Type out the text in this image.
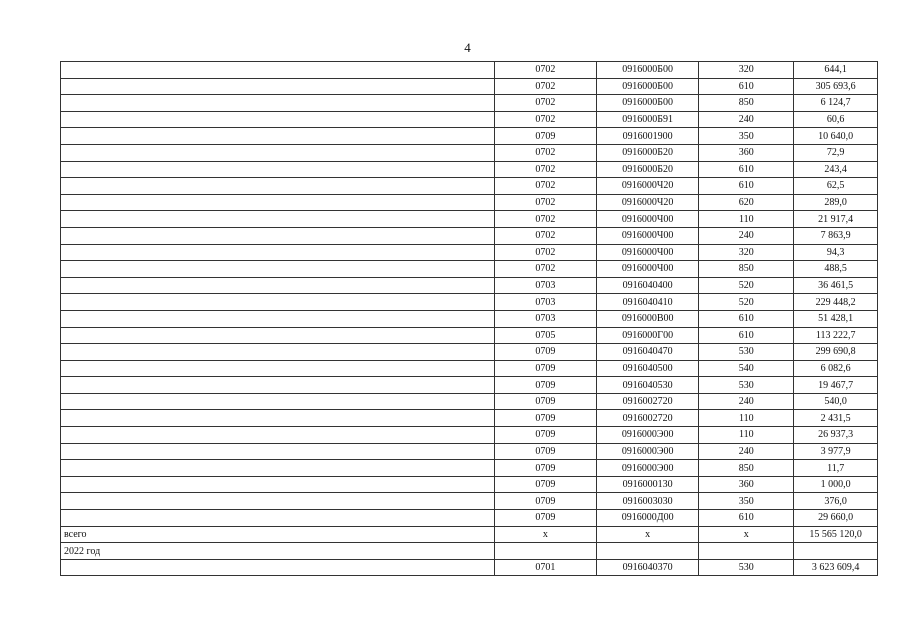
4
	0702	0916000Б00	320	644,1
	0702	0916000Б00	610	305 693,6
	0702	0916000Б00	850	6 124,7
	0702	0916000Б91	240	60,6
	0709	0916001900	350	10 640,0
	0702	0916000Б20	360	72,9
	0702	0916000Б20	610	243,4
	0702	0916000Ч20	610	62,5
	0702	0916000Ч20	620	289,0
	0702	0916000Ч00	110	21 917,4
	0702	0916000Ч00	240	7 863,9
	0702	0916000Ч00	320	94,3
	0702	0916000Ч00	850	488,5
	0703	0916040400	520	36 461,5
	0703	0916040410	520	229 448,2
	0703	0916000В00	610	51 428,1
	0705	0916000Г00	610	113 222,7
	0709	0916040470	530	299 690,8
	0709	0916040500	540	6 082,6
	0709	0916040530	530	19 467,7
	0709	0916002720	240	540,0
	0709	0916002720	110	2 431,5
	0709	0916000Э00	110	26 937,3
	0709	0916000Э00	240	3 977,9
	0709	0916000Э00	850	11,7
	0709	0916000130	360	1 000,0
	0709	0916003030	350	376,0
	0709	0916000Д00	610	29 660,0
всего	х	х	х	15 565 120,0
2022 год				
	0701	0916040370	530	3 623 609,4
